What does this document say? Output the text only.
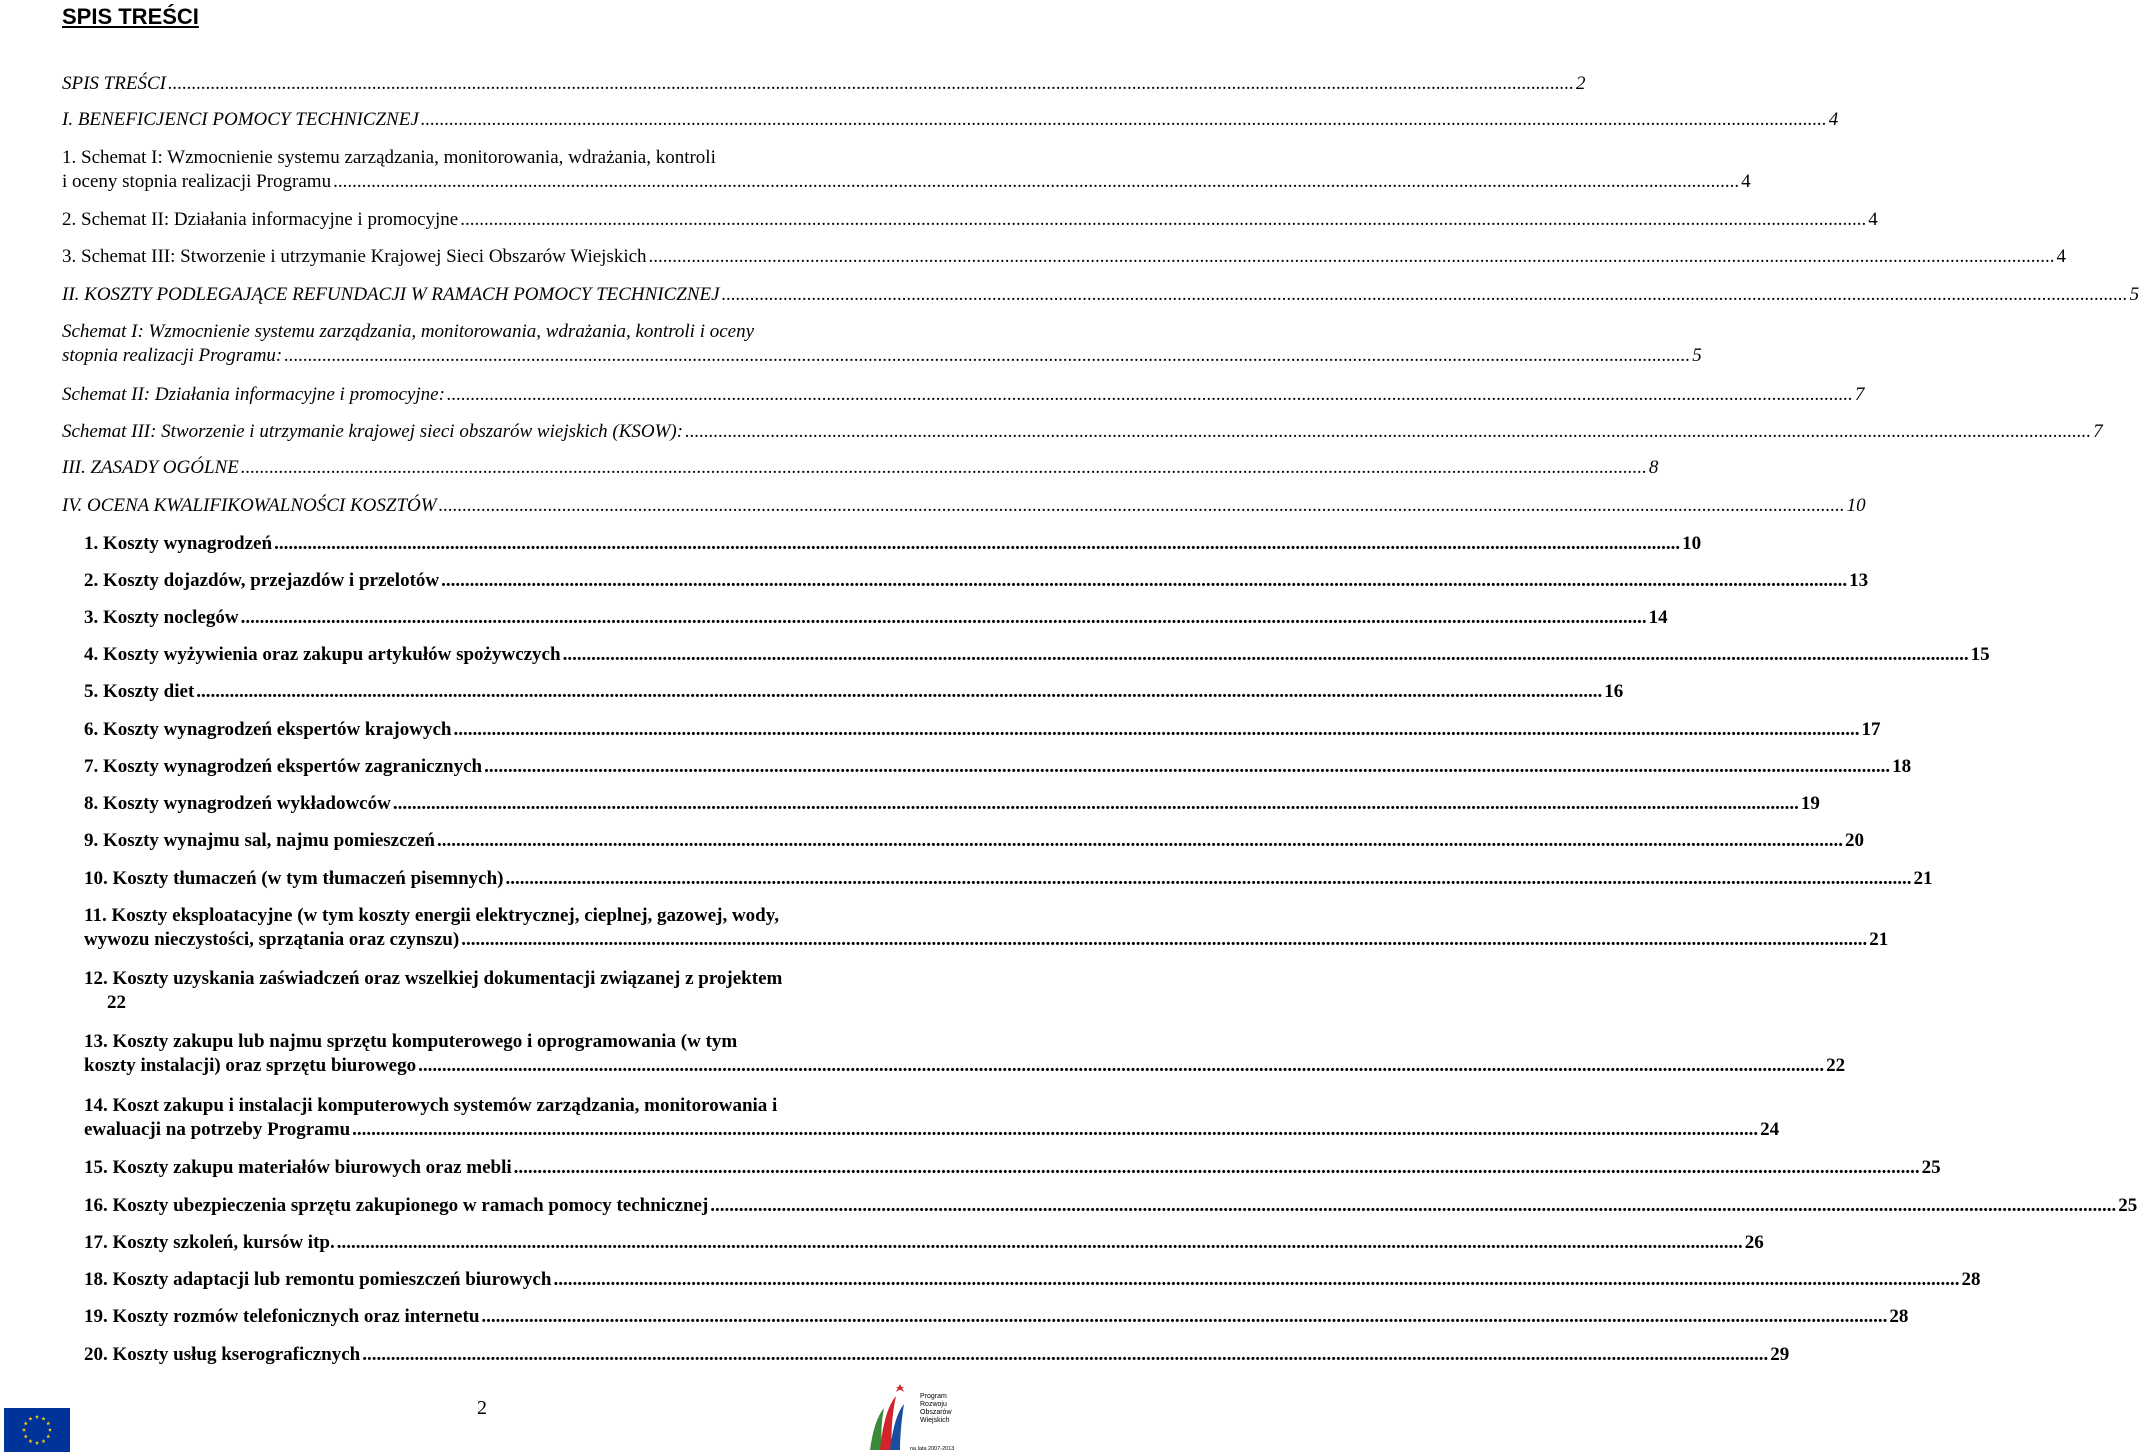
SPIS TREŚCI
SPIS TREŚCI .....	2
I. BENEFICJENCI POMOCY TECHNICZNEJ .....	4
1. Schemat I: Wzmocnienie systemu zarządzania, monitorowania, wdrażania, kontroli
i oceny stopnia realizacji Programu .....	4
2. Schemat II: Działania informacyjne i promocyjne .....	4
3. Schemat III: Stworzenie i utrzymanie Krajowej Sieci Obszarów Wiejskich .....	4
II. KOSZTY PODLEGAJĄCE REFUNDACJI W RAMACH POMOCY TECHNICZNEJ .....	5
Schemat I: Wzmocnienie systemu zarządzania, monitorowania, wdrażania, kontroli i oceny
stopnia realizacji Programu: .....	5
Schemat II: Działania informacyjne i promocyjne: .....	7
Schemat III: Stworzenie i utrzymanie krajowej sieci obszarów wiejskich (KSOW): .....	7
III. ZASADY OGÓLNE .....	8
IV. OCENA KWALIFIKOWALNOŚCI KOSZTÓW .....	10
1. Koszty wynagrodzeń .....	10
2. Koszty dojazdów, przejazdów i przelotów .....	13
3. Koszty noclegów .....	14
4. Koszty wyżywienia oraz zakupu artykułów spożywczych .....	15
5. Koszty diet .....	16
6. Koszty wynagrodzeń ekspertów krajowych .....	17
7. Koszty wynagrodzeń ekspertów zagranicznych .....	18
8. Koszty wynagrodzeń wykładowców .....	19
9. Koszty wynajmu sal, najmu pomieszczeń .....	20
10. Koszty tłumaczeń (w tym tłumaczeń pisemnych) .....	21
11. Koszty eksploatacyjne (w tym koszty energii elektrycznej, cieplnej, gazowej, wody,
wywozu nieczystości, sprzątania oraz czynszu) .....	21
12. Koszty uzyskania zaświadczeń oraz wszelkiej dokumentacji związanej z projektem
22
13. Koszty zakupu lub najmu sprzętu komputerowego i oprogramowania (w tym
koszty instalacji) oraz sprzętu biurowego .....	22
14. Koszt zakupu i instalacji komputerowych systemów zarządzania, monitorowania i
ewaluacji na potrzeby Programu .....	24
15. Koszty zakupu materiałów biurowych oraz mebli .....	25
16. Koszty ubezpieczenia sprzętu zakupionego w ramach pomocy technicznej .....	25
17. Koszty szkoleń, kursów itp. .....	26
18. Koszty adaptacji lub remontu pomieszczeń biurowych .....	28
19. Koszty rozmów telefonicznych oraz internetu .....	28
20. Koszty usług kserograficznych .....	29
2
Program
Rozwoju
Obszarów
Wiejskich
na lata 2007-2013
